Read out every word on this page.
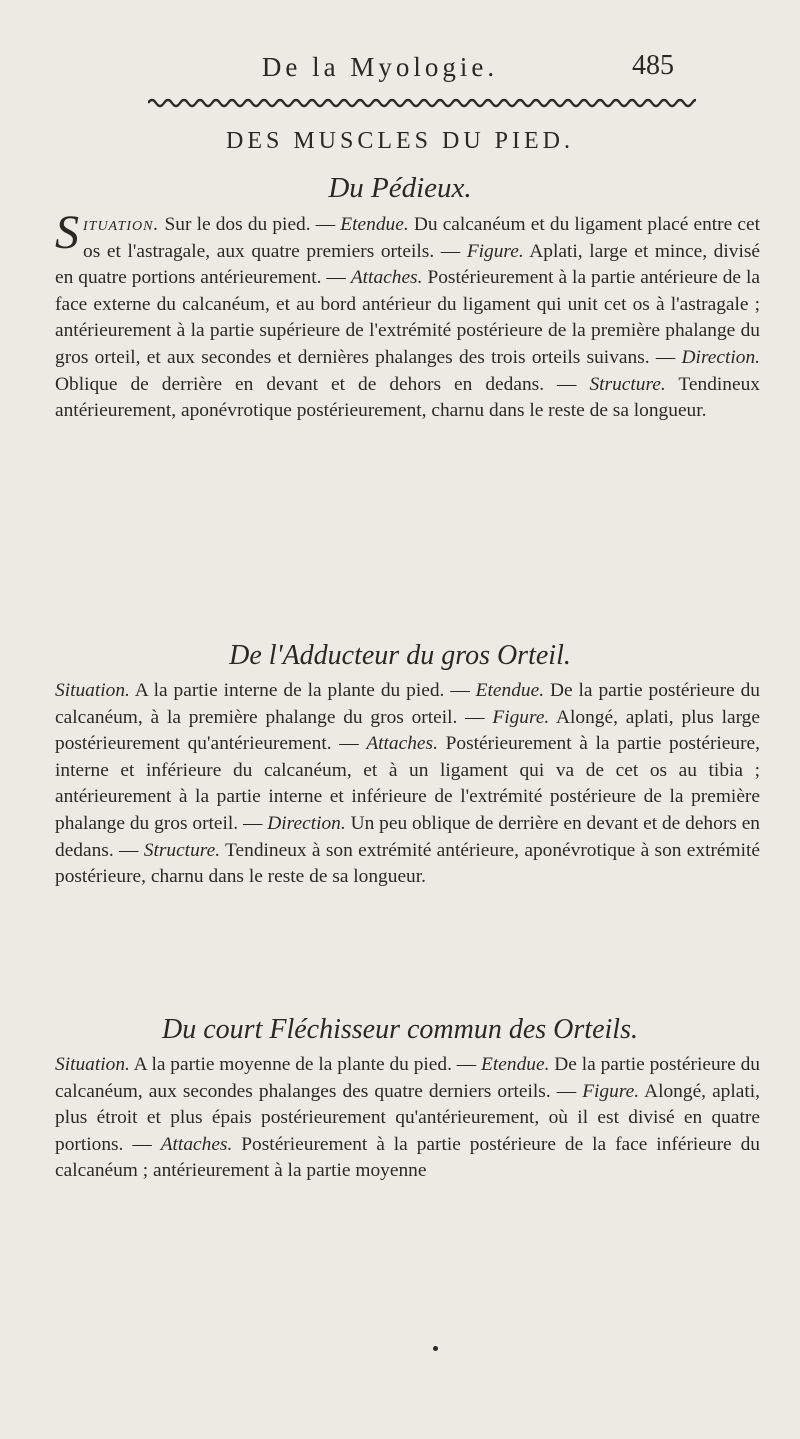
De la Myologie.	485
DES MUSCLES DU PIED.
Du Pédieux.
Situation. Sur le dos du pied. — Etendue. Du calcanéum et du ligament placé entre cet os et l'astragale, aux quatre premiers orteils. — Figure. Aplati, large et mince, divisé en quatre portions antérieurement. — Attaches. Postérieurement à la partie antérieure de la face externe du calcanéum, et au bord antérieur du ligament qui unit cet os à l'astragale ; antérieurement à la partie supérieure de l'extrémité postérieure de la première phalange du gros orteil, et aux secondes et dernières phalanges des trois orteils suivans. — Direction. Oblique de derrière en devant et de dehors en dedans. — Structure. Tendineux antérieurement, aponévrotique postérieurement, charnu dans le reste de sa longueur.
De l'Adducteur du gros Orteil.
Situation. A la partie interne de la plante du pied. — Etendue. De la partie postérieure du calcanéum, à la première phalange du gros orteil. — Figure. Alongé, aplati, plus large postérieurement qu'antérieurement. — Attaches. Postérieurement à la partie postérieure, interne et inférieure du calcanéum, et à un ligament qui va de cet os au tibia ; antérieurement à la partie interne et inférieure de l'extrémité postérieure de la première phalange du gros orteil. — Direction. Un peu oblique de derrière en devant et de dehors en dedans. — Structure. Tendineux à son extrémité antérieure, aponévrotique à son extrémité postérieure, charnu dans le reste de sa longueur.
Du court Fléchisseur commun des Orteils.
Situation. A la partie moyenne de la plante du pied. — Etendue. De la partie postérieure du calcanéum, aux secondes phalanges des quatre derniers orteils. — Figure. Alongé, aplati, plus étroit et plus épais postérieurement qu'antérieurement, où il est divisé en quatre portions. — Attaches. Postérieurement à la partie postérieure de la face inférieure du calcanéum ; antérieurement à la partie moyenne
